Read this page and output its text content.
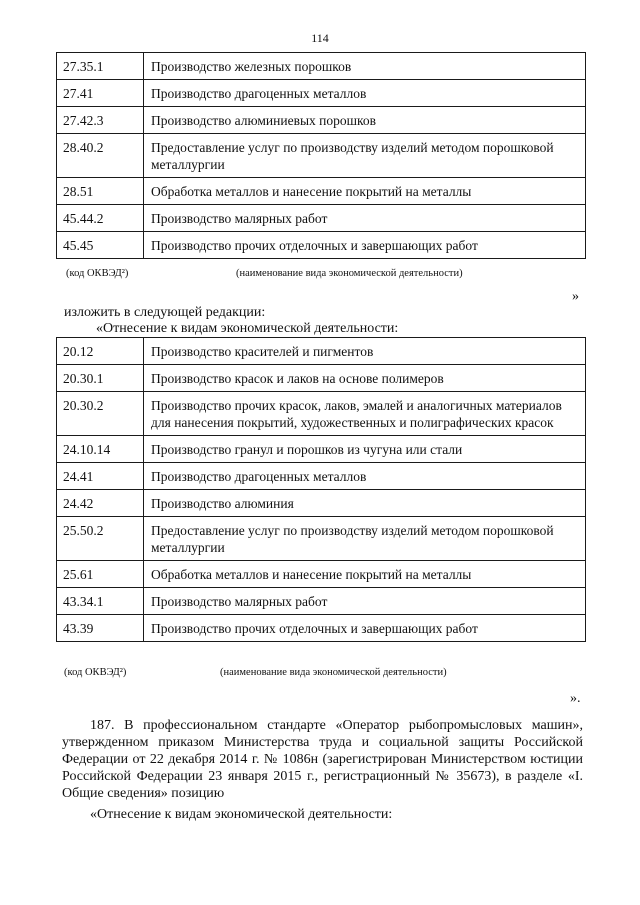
114
27.35.1	Производство железных порошков
27.41	Производство драгоценных металлов
27.42.3	Производство алюминиевых порошков
28.40.2	Предоставление услуг по производству изделий методом порошковой металлургии
28.51	Обработка металлов и нанесение покрытий на металлы
45.44.2	Производство малярных работ
45.45	Производство прочих отделочных и завершающих работ
(код ОКВЭД²)	(наименование вида экономической деятельности)
»
изложить в следующей редакции:
«Отнесение к видам экономической деятельности:
20.12	Производство красителей и пигментов
20.30.1	Производство красок и лаков на основе полимеров
20.30.2	Производство прочих красок, лаков, эмалей и аналогичных материалов для нанесения покрытий, художественных и полиграфических красок
24.10.14	Производство гранул и порошков из чугуна или стали
24.41	Производство драгоценных металлов
24.42	Производство алюминия
25.50.2	Предоставление услуг по производству изделий методом порошковой металлургии
25.61	Обработка металлов и нанесение покрытий на металлы
43.34.1	Производство малярных работ
43.39	Производство прочих отделочных и завершающих работ
(код ОКВЭД²)	(наименование вида экономической деятельности)
».
187. В профессиональном стандарте «Оператор рыбопромысловых машин», утвержденном приказом Министерства труда и социальной защиты Российской Федерации от 22 декабря 2014 г. № 1086н (зарегистрирован Министерством юстиции Российской Федерации 23 января 2015 г., регистрационный № 35673), в разделе «I. Общие сведения» позицию
«Отнесение к видам экономической деятельности:
